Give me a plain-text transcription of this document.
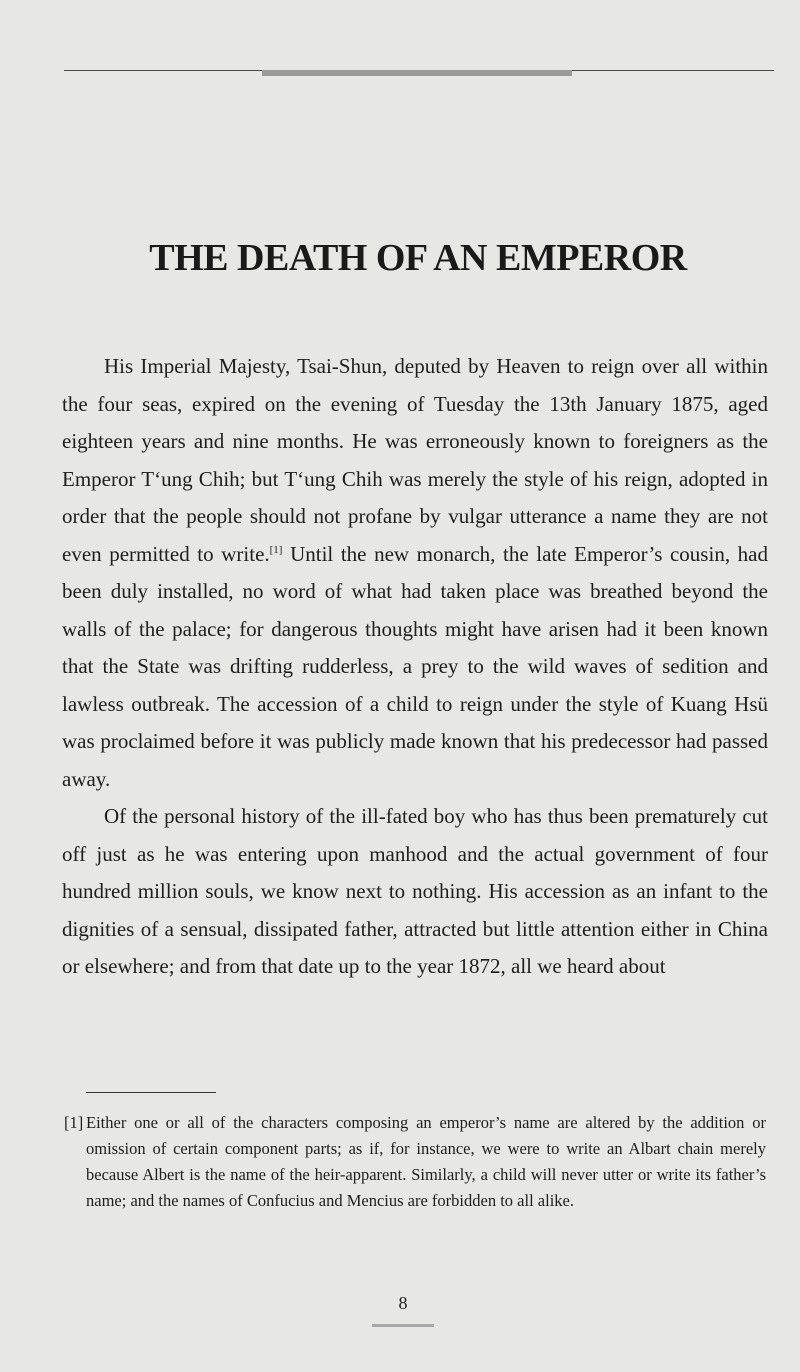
THE DEATH OF AN EMPEROR

His Imperial Majesty, Tsai-Shun, deputed by Heaven to reign over all within the four seas, expired on the evening of Tuesday the 13th January 1875, aged eighteen years and nine months. He was erroneously known to foreigners as the Emperor T‘ung Chih; but T‘ung Chih was merely the style of his reign, adopted in order that the people should not profane by vulgar utterance a name they are not even permitted to write.[1] Until the new monarch, the late Emperor’s cousin, had been duly installed, no word of what had taken place was breathed beyond the walls of the palace; for dangerous thoughts might have arisen had it been known that the State was drifting rudderless, a prey to the wild waves of sedition and lawless outbreak. The accession of a child to reign under the style of Kuang Hsü was proclaimed before it was publicly made known that his predecessor had passed away.

Of the personal history of the ill-fated boy who has thus been prematurely cut off just as he was entering upon manhood and the actual government of four hundred million souls, we know next to nothing. His accession as an infant to the dignities of a sensual, dissipated father, attracted but little attention either in China or elsewhere; and from that date up to the year 1872, all we heard about

[1] Either one or all of the characters composing an emperor’s name are altered by the addition or omission of certain component parts; as if, for instance, we were to write an Albart chain merely because Albert is the name of the heir-apparent. Similarly, a child will never utter or write its father’s name; and the names of Confucius and Mencius are forbidden to all alike.
8
